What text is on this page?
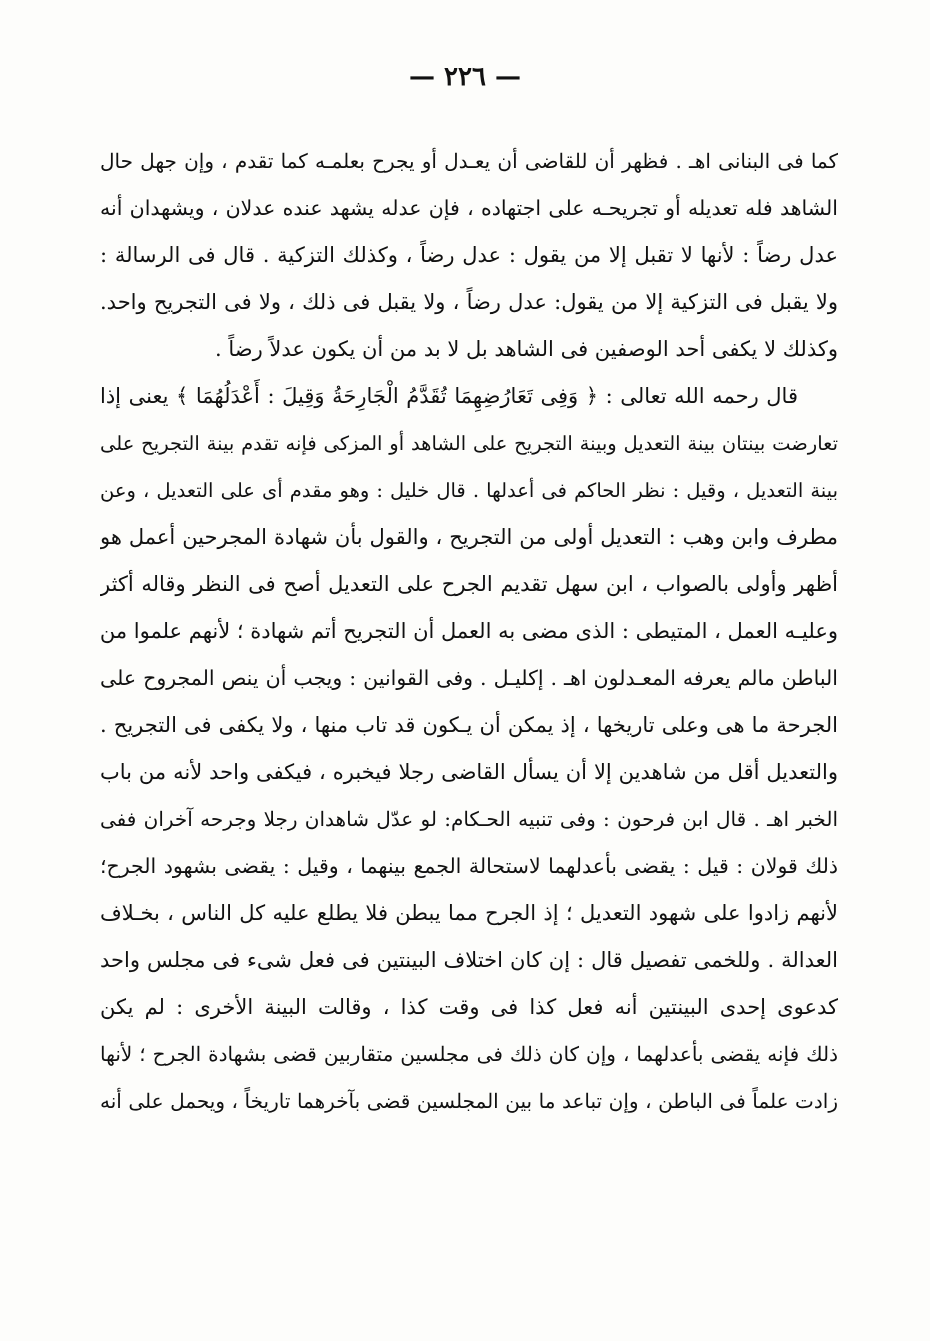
— ٢٢٦ —
كما فى البنانى اهـ . فظهر أن للقاضى أن يعـدل أو يجرح بعلمـه كما تقدم ، وإن جهل حال
الشاهد فله تعديله أو تجريحـه على اجتهاده ، فإن عدله يشهد عنده عدلان ، ويشهدان أنه
عدل رضاً : لأنها لا تقبل إلا من يقول : عدل رضاً ، وكذلك التزكية . قال فى الرسالة :
ولا يقبل فى التزكية إلا من يقول: عدل رضاً ، ولا يقبل فى ذلك ، ولا فى التجريح واحد.
وكذلك لا يكفى أحد الوصفين فى الشاهد بل لا بد من أن يكون عدلاً رضاً .
قال رحمه الله تعالى : ﴿ وَفِى تَعَارُضِهِمَا تُقَدَّمُ الْجَارِحَةُ وَقِيلَ : أَعْدَلُهُمَا ﴾ يعنى إذا
تعارضت بينتان بينة التعديل وبينة التجريح على الشاهد أو المزكى فإنه تقدم بينة التجريح على
بينة التعديل ، وقيل : نظر الحاكم فى أعدلها . قال خليل : وهو مقدم أى على التعديل ، وعن
مطرف وابن وهب : التعديل أولى من التجريح ، والقول بأن شهادة المجرحين أعمل هو
أظهر وأولى بالصواب ، ابن سهل تقديم الجرح على التعديل أصح فى النظر وقاله أكثر
وعليـه العمل ، المتيطى : الذى مضى به العمل أن التجريح أتم شهادة ؛ لأنهم علموا من
الباطن مالم يعرفه المعـدلون اهـ . إكليـل . وفى القوانين : ويجب أن ينص المجروح على
الجرحة ما هى وعلى تاريخها ، إذ يمكن أن يـكون قد تاب منها ، ولا يكفى فى التجريح .
والتعديل أقل من شاهدين إلا أن يسأل القاضى رجلا فيخبره ، فيكفى واحد لأنه من باب
الخبر اهـ . قال ابن فرحون : وفى تنبيه الحـكام: لو عدّل شاهدان رجلا وجرحه آخران ففى
ذلك قولان : قيل : يقضى بأعدلهما لاستحالة الجمع بينهما ، وقيل : يقضى بشهود الجرح؛
لأنهم زادوا على شهود التعديل ؛ إذ الجرح مما يبطن فلا يطلع عليه كل الناس ، بخـلاف
العدالة . وللخمى تفصيل قال : إن كان اختلاف البينتين فى فعل شىء فى مجلس واحد
كدعوى إحدى البينتين أنه فعل كذا فى وقت كذا ، وقالت البينة الأخرى : لم يكن
ذلك فإنه يقضى بأعدلهما ، وإن كان ذلك فى مجلسين متقاربين قضى بشهادة الجرح ؛ لأنها
زادت علماً فى الباطن ، وإن تباعد ما بين المجلسين قضى بآخرهما تاريخاً ، ويحمل على أنه
